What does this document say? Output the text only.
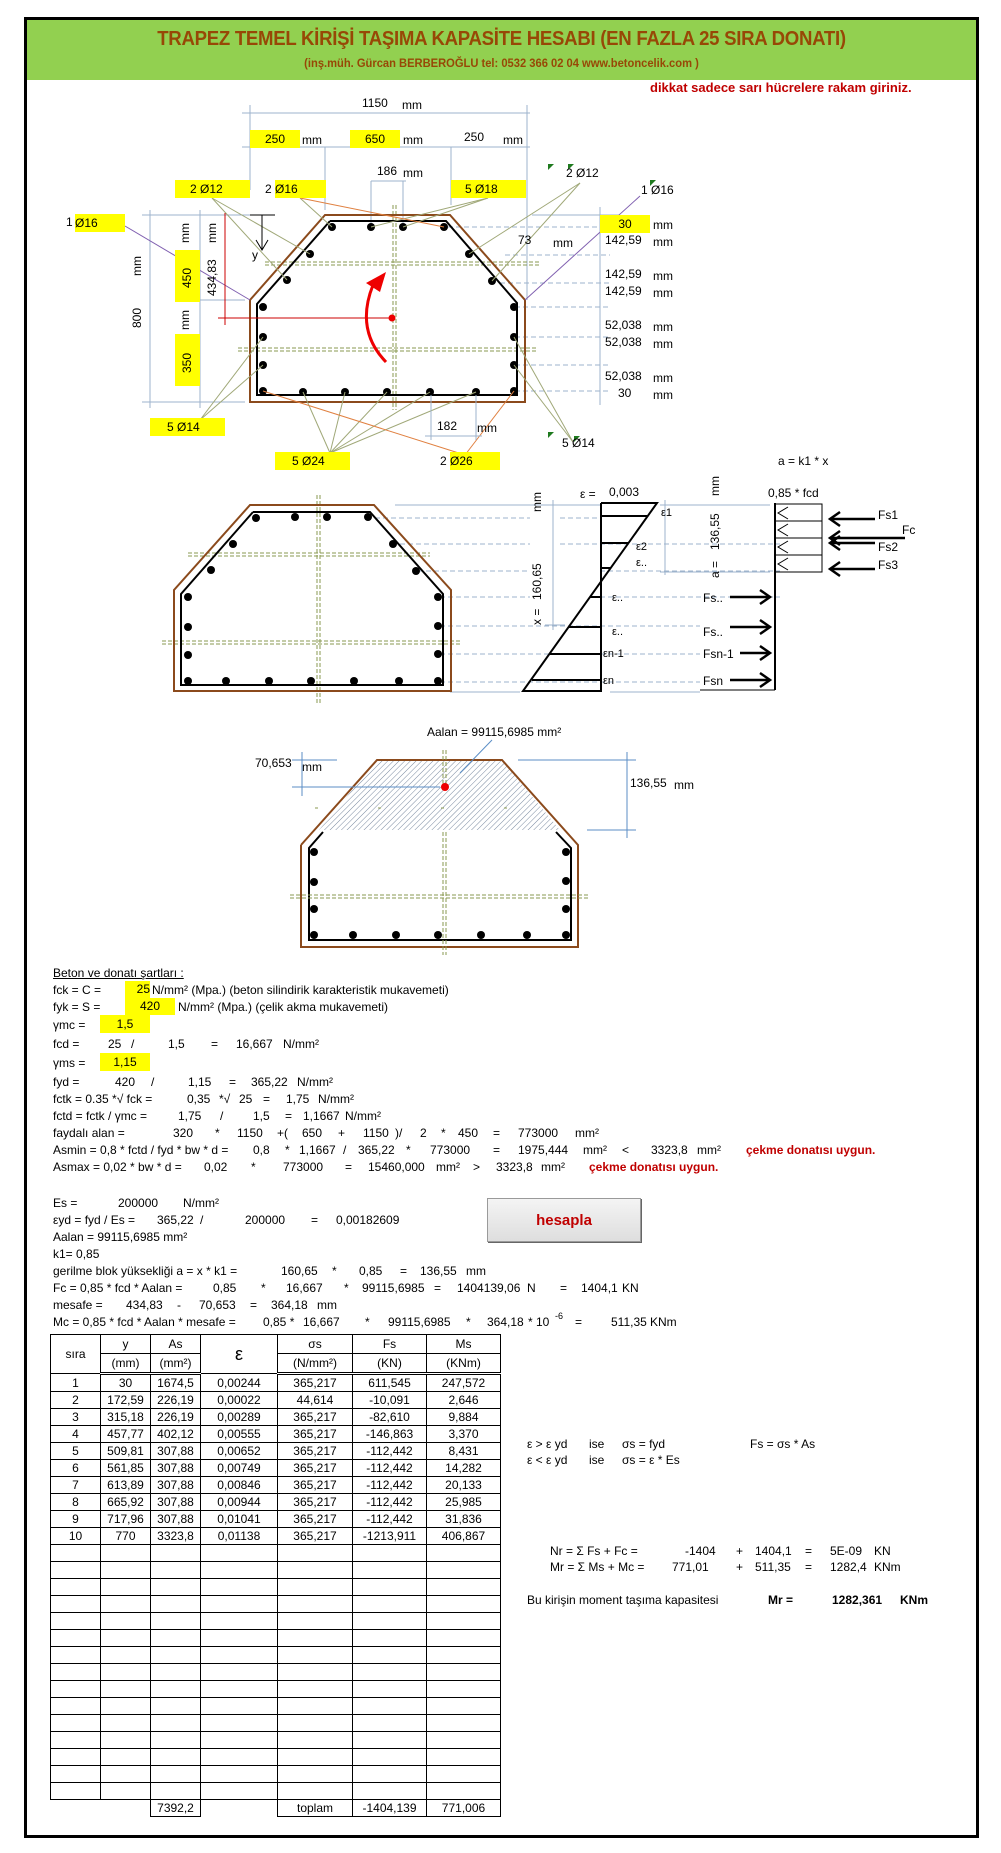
TRAPEZ TEMEL KİRİŞİ TAŞIMA KAPASİTE HESABI (EN FAZLA 25 SIRA DONATI)
(inş.müh. Gürcan BERBEROĞLU tel: 0532 366 02 04 www.betoncelik.com )
dikkat sadece sarı hücrelere rakam giriniz.
1150 mm
250	mm	650	mm	250 mm
186 mm
2 Ø12	2 Ø16	5 Ø18
2 Ø12
1 Ø16
1 Ø16	30	mm
73 mm	142,59 mm
142,59 mm
142,59 mm
52,038 mm
52,038 mm
52,038 mm
30 mm
800
mm
mm
450
mm
350
434,83
mm
y
5 Ø14
5 Ø24	2 Ø26
182 mm
5 Ø14
a = k1 * x
ε = 0,003	0,85 * fcd
x =
160,65
mm
a =
136,55
mm
ε1
ε2
ε..
ε..
ε..
εn-1
εn
Fs..
Fs..
Fsn-1
Fsn
Fs1
Fc
Fs2
Fs3
Aalan = 99115,6985 mm²
70,653 mm
136,55 mm
Beton ve donatı şartları :
fck = C =	25 N/mm² (Mpa.) (beton silindirik karakteristik mukavemeti)
fyk = S =	420	N/mm² (Mpa.) (çelik akma mukavemeti)
γmc =	1,5
fcd = 25 /	1,5 = 16,667 N/mm²
γms =	1,15
fyd =	420 /	1,15 = 365,22 N/mm²
fctk = 0.35 *√ fck =	0,35 *√ 25 = 1,75 N/mm²
fctd = fctk / γmc =	1,75 / 1,5 = 1,1667 N/mm²
faydalı alan =	320 * 1150 +( 650 + 1150 )/ 2 * 450 = 773000 mm²
Asmin = 0,8 * fctd / fyd * bw * d = 0,8 * 1,1667 / 365,22 * 773000 = 1975,444 mm² < 3323,8 mm² çekme donatısı uygun.
Asmax = 0,02 * bw * d = 0,02 * 773000 = 15460,000 mm² > 3323,8 mm² çekme donatısı uygun.
Es =	200000 N/mm²
εyd = fyd / Es = 365,22 /	200000 = 0,00182609
Aalan = 99115,6985 mm²
k1= 0,85
gerilme blok yüksekliği a = x * k1 =	160,65 * 0,85 = 136,55 mm
Fc = 0,85 * fcd * Aalan =	0,85 * 16,667 * 99115,6985 = 1404139,06 N = 1404,1 KN
mesafe = 434,83 - 70,653 = 364,18 mm
Mc = 0,85 * fcd * Aalan * mesafe = 0,85 * 16,667 * 99115,6985 * 364,18 * 10 -6 = 511,35 KNm
hesapla
sıra	y	As	ε	σs	Fs	Ms
	(mm)	(mm²)		(N/mm²)	(KN)	(KNm)
1	30	1674,5	0,00244	365,217	611,545	247,572
2	172,59	226,19	0,00022	44,614	-10,091	2,646
3	315,18	226,19	0,00289	365,217	-82,610	9,884
4	457,77	402,12	0,00555	365,217	-146,863	3,370
5	509,81	307,88	0,00652	365,217	-112,442	8,431
6	561,85	307,88	0,00749	365,217	-112,442	14,282
7	613,89	307,88	0,00846	365,217	-112,442	20,133
8	665,92	307,88	0,00944	365,217	-112,442	25,985
9	717,96	307,88	0,01041	365,217	-112,442	31,836
10	770	3323,8	0,01138	365,217	-1213,911	406,867

		7392,2		toplam	-1404,139	771,006
ε > ε yd ise σs = fyd	Fs = σs * As
ε < ε yd ise σs = ε * Es
Nr = Σ Fs + Fc =	-1404 + 1404,1 = 5E-09 KN
Mr = Σ Ms + Mc = 771,01 + 511,35 = 1282,4 KNm
Bu kirişin moment taşıma kapasitesi	Mr =	1282,361 KNm
